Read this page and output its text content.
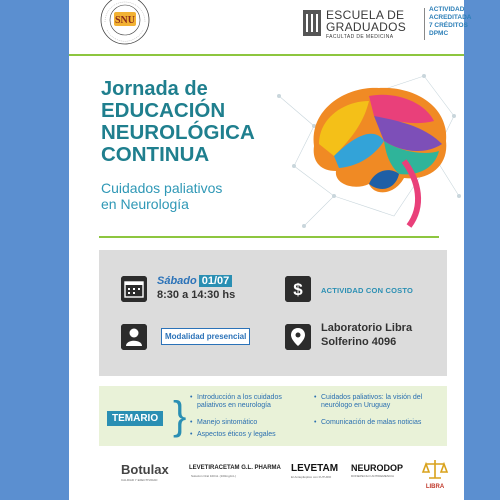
SNU	ESCUELA DE
GRADUADOS
FACULTAD DE MEDICINA
ACTIVIDAD
ACREDITADA
7 CRÉDITOS
DPMC
Jornada de
EDUCACIÓN
NEUROLÓGICA
CONTINUA
Cuidados paliativos
en Neurología
Sábado 01/07
8:30 a 14:30 hs	$ ACTIVIDAD CON COSTO
Modalidad presencial
Laboratorio Libra
Solferino 4096
TEMARIO }
• Introducción a los cuidados paliativos en neurología
• Manejo sintomático
• Aspectos éticos y legales
• Cuidados paliativos: la visión del neurólogo en Uruguay
• Comunicación de malas noticias
Botulax
CALIDAD Y EFECTIVIDAD
LEVETIRACETAM G.L. PHARMA
Solución Oral 100ml. (100mg/mL)
LEVETAM
El Antiepiléptico con FUTURO
NEURODOP
DONEPECILO ANTIDEMENCIA
LIBRA
